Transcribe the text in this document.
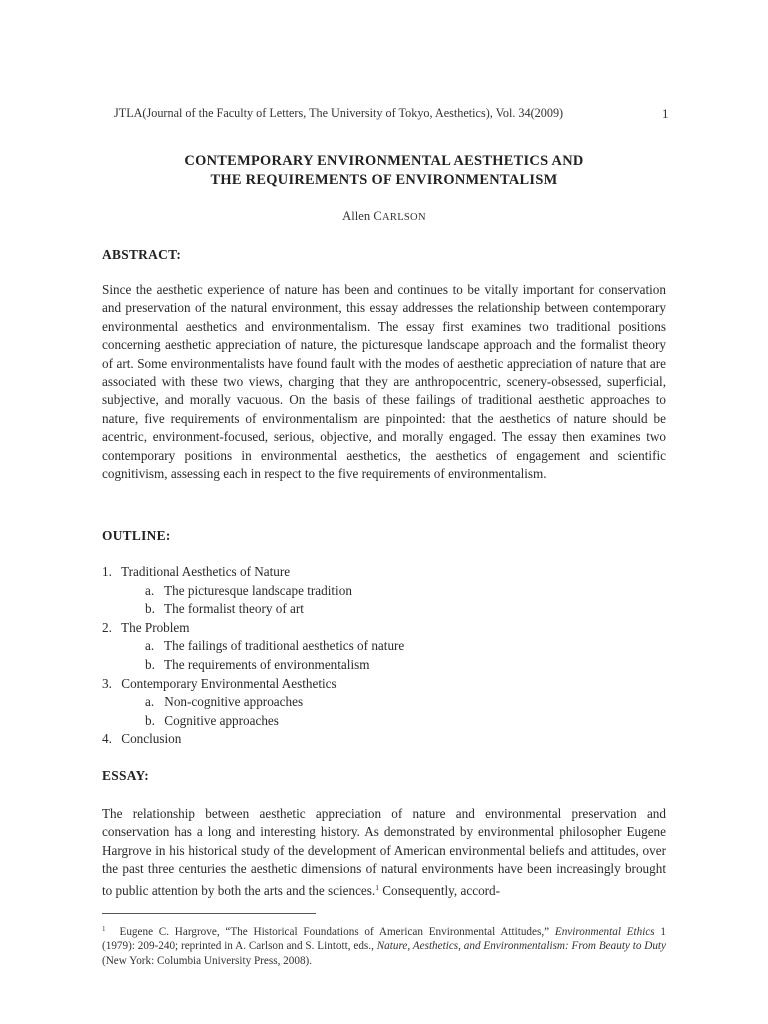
JTLA(Journal of the Faculty of Letters, The University of Tokyo, Aesthetics), Vol. 34(2009)	1
CONTEMPORARY ENVIRONMENTAL AESTHETICS AND
THE REQUIREMENTS OF ENVIRONMENTALISM
Allen CARLSON
ABSTRACT:
Since the aesthetic experience of nature has been and continues to be vitally important for conservation and preservation of the natural environment, this essay addresses the relationship between contemporary environmental aesthetics and environmentalism. The essay first examines two traditional positions concerning aesthetic appreciation of nature, the picturesque landscape approach and the formalist theory of art. Some environmentalists have found fault with the modes of aesthetic appreciation of nature that are associated with these two views, charging that they are anthropocentric, scenery-obsessed, superficial, subjective, and morally vacuous. On the basis of these failings of traditional aesthetic approaches to nature, five requirements of environmentalism are pinpointed: that the aesthetics of nature should be acentric, environment-focused, serious, objective, and morally engaged. The essay then examines two contemporary positions in environmental aesthetics, the aesthetics of engagement and scientific cognitivism, assessing each in respect to the five requirements of environmentalism.
OUTLINE:
1. Traditional Aesthetics of Nature
a. The picturesque landscape tradition
b. The formalist theory of art
2. The Problem
a. The failings of traditional aesthetics of nature
b. The requirements of environmentalism
3. Contemporary Environmental Aesthetics
a. Non-cognitive approaches
b. Cognitive approaches
4. Conclusion
ESSAY:
The relationship between aesthetic appreciation of nature and environmental preservation and conservation has a long and interesting history. As demonstrated by environmental philosopher Eugene Hargrove in his historical study of the development of American environmental beliefs and attitudes, over the past three centuries the aesthetic dimensions of natural environments have been increasingly brought to public attention by both the arts and the sciences.$^1$ Consequently, accord-
$^1$ Eugene C. Hargrove, “The Historical Foundations of American Environmental Attitudes,” Environmental Ethics 1 (1979): 209-240; reprinted in A. Carlson and S. Lintott, eds., Nature, Aesthetics, and Environmentalism: From Beauty to Duty (New York: Columbia University Press, 2008).
